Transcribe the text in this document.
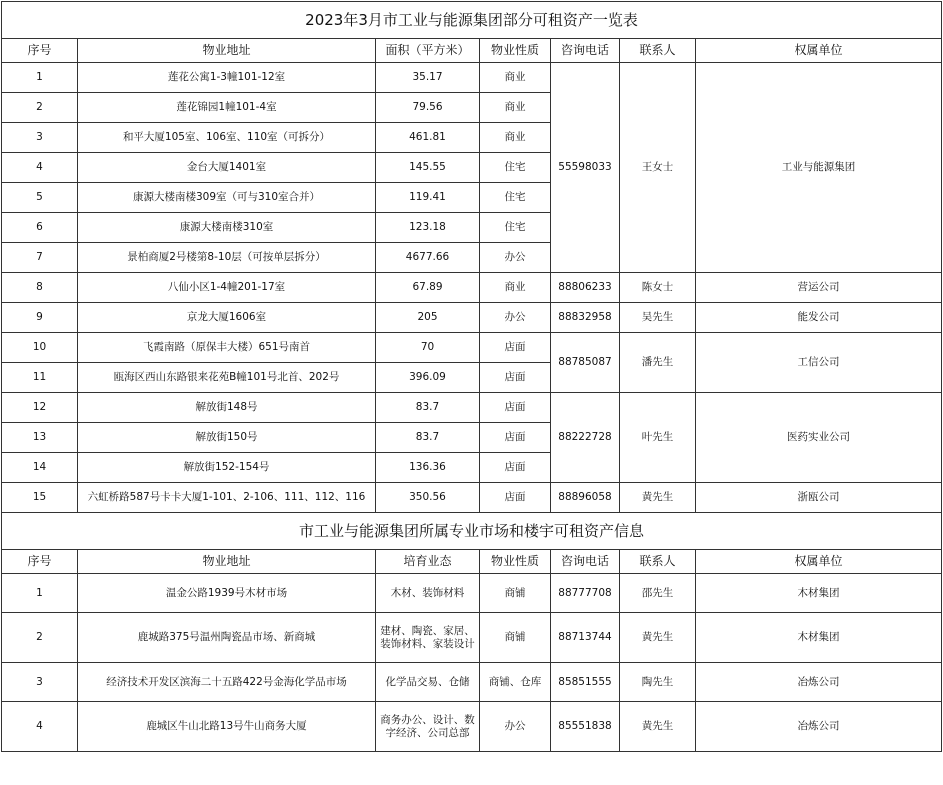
2023年3月市工业与能源集团部分可租资产一览表						
序号	物业地址	面积（平方米）	物业性质	咨询电话	联系人	权属单位
1	莲花公寓1-3幢101-12室	35.17	商业	55598033	王女士	工业与能源集团
2	莲花锦园1幢101-4室	79.56	商业			
3	和平大厦105室、106室、110室（可拆分）	461.81	商业			
4	金台大厦1401室	145.55	住宅			
5	康源大楼南楼309室（可与310室合并）	119.41	住宅			
6	康源大楼南楼310室	123.18	住宅			
7	景柏商厦2号楼第8-10层（可按单层拆分）	4677.66	办公			
8	八仙小区1-4幢201-17室	67.89	商业	88806233	陈女士	营运公司
9	京龙大厦1606室	205	办公	88832958	吴先生	能发公司
10	飞霞南路（原保丰大楼）651号南首	70	店面	88785087	潘先生	工信公司
11	瓯海区西山东路银来花苑B幢101号北首、202号	396.09	店面			
12	解放街148号	83.7	店面	88222728	叶先生	医药实业公司
13	解放街150号	83.7	店面			
14	解放街152-154号	136.36	店面			
15	六虹桥路587号卡卡大厦1-101、2-106、111、112、116	350.56	店面	88896058	黄先生	浙瓯公司
市工业与能源集团所属专业市场和楼宇可租资产信息						
序号	物业地址	培育业态	物业性质	咨询电话	联系人	权属单位
1	温金公路1939号木材市场	木材、装饰材料	商铺	88777708	邵先生	木材集团
2	鹿城路375号温州陶瓷品市场、新商城	建材、陶瓷、家居、装饰材料、家装设计	商铺	88713744	黄先生	木材集团
3	经济技术开发区滨海二十五路422号金海化学品市场	化学品交易、仓储	商铺、仓库	85851555	陶先生	冶炼公司
4	鹿城区牛山北路13号牛山商务大厦	商务办公、设计、数字经济、公司总部	办公	85551838	黄先生	冶炼公司
